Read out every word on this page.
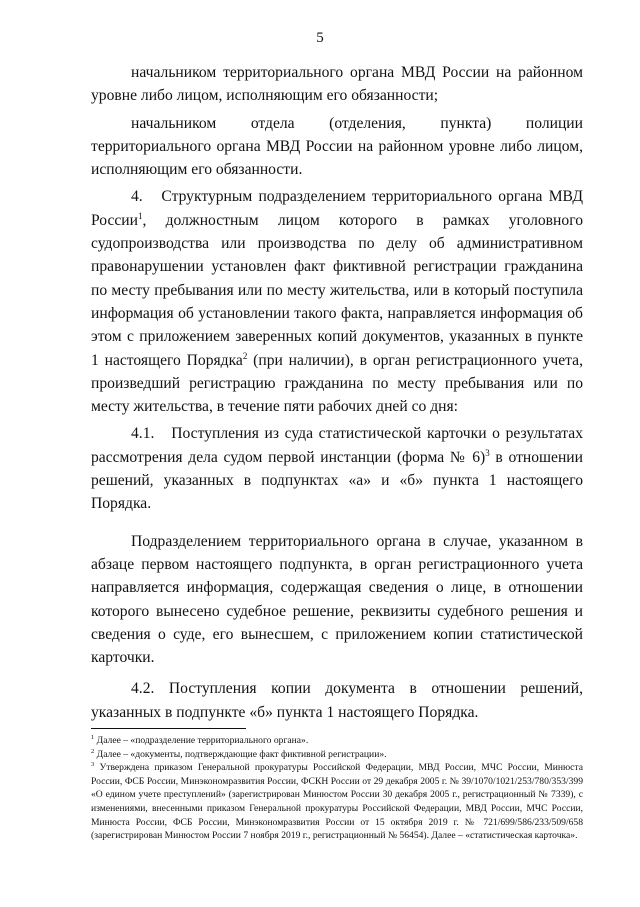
5

начальником территориального органа МВД России на районном уровне либо лицом, исполняющим его обязанности;

начальником отдела (отделения, пункта) полиции территориального органа МВД России на районном уровне либо лицом, исполняющим его обязанности.

4.   Структурным подразделением территориального органа МВД России$^1$, должностным лицом которого в рамках уголовного судопроизводства или производства по делу об административном правонарушении установлен факт фиктивной регистрации гражданина по месту пребывания или по месту жительства, или в который поступила информация об установлении такого факта, направляется информация об этом с приложением заверенных копий документов, указанных в пункте 1 настоящего Порядка$^2$ (при наличии), в орган регистрационного учета, произведший регистрацию гражданина по месту пребывания или по месту жительства, в течение пяти рабочих дней со дня:

4.1.   Поступления из суда статистической карточки о результатах рассмотрения дела судом первой инстанции (форма № 6)$^3$ в отношении решений, указанных в подпунктах «а» и «б» пункта 1 настоящего Порядка.

Подразделением территориального органа в случае, указанном в абзаце первом настоящего подпункта, в орган регистрационного учета направляется информация, содержащая сведения о лице, в отношении которого вынесено судебное решение, реквизиты судебного решения и сведения о суде, его вынесшем, с приложением копии статистической карточки.

4.2. Поступления копии документа в отношении решений, указанных в подпункте «б» пункта 1 настоящего Порядка.

$^1$ Далее – «подразделение территориального органа».

$^2$ Далее – «документы, подтверждающие факт фиктивной регистрации».

$^3$ Утверждена приказом Генеральной прокуратуры Российской Федерации, МВД России, МЧС России, Минюста России, ФСБ России, Минэкономразвития России, ФСКН России от 29 декабря 2005 г. № 39/1070/1021/253/780/353/399 «О едином учете преступлений» (зарегистрирован Минюстом России 30 декабря 2005 г., регистрационный № 7339), с изменениями, внесенными приказом Генеральной прокуратуры Российской Федерации, МВД России, МЧС России, Минюста России, ФСБ России, Минэкономразвития России от 15 октября 2019 г. № 721/699/586/233/509/658 (зарегистрирован Минюстом России 7 ноября 2019 г., регистрационный № 56454). Далее – «статистическая карточка».
